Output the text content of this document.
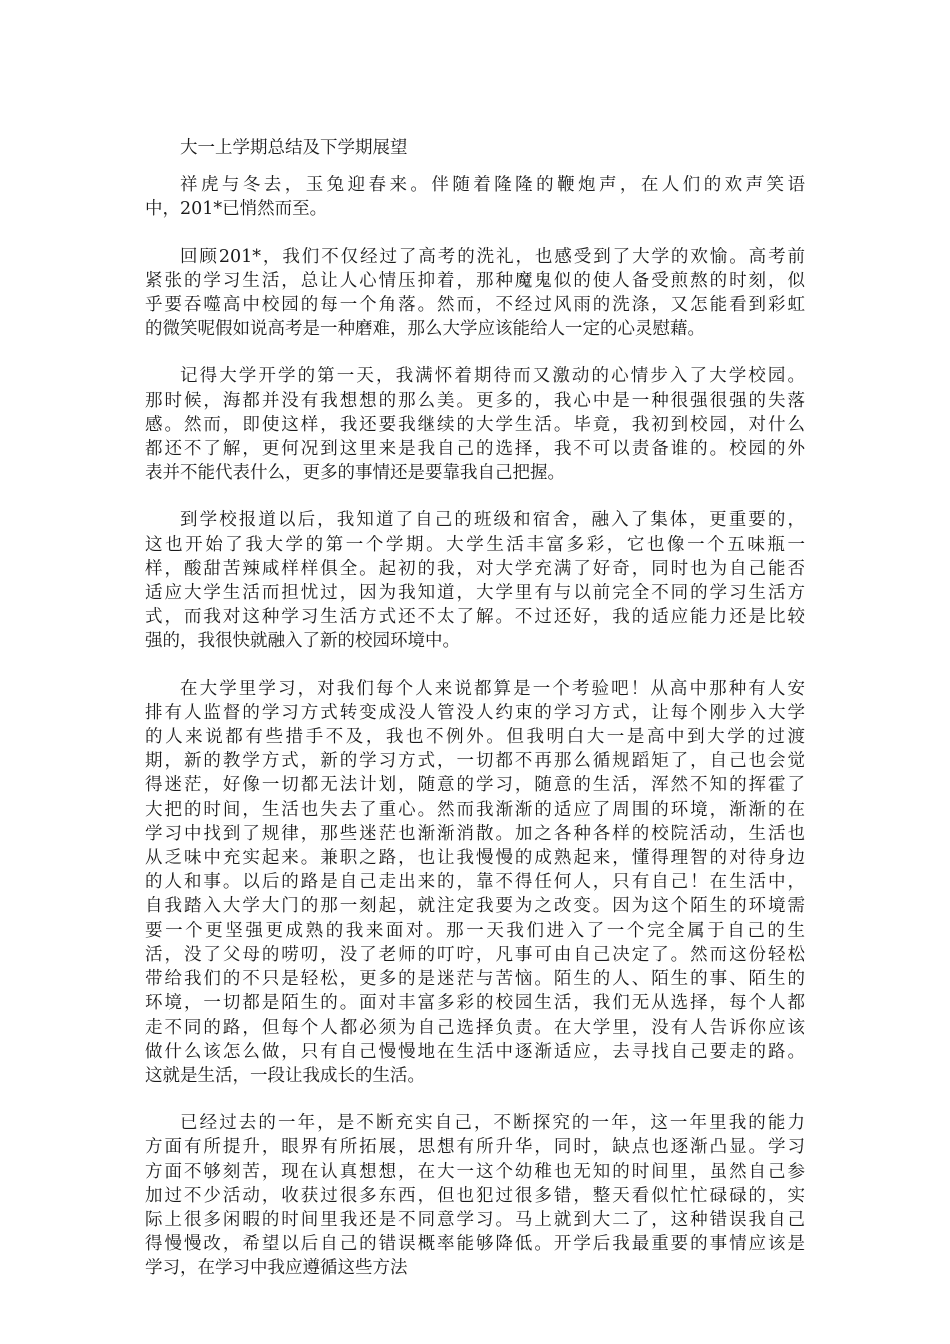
大一上学期总结及下学期展望
祥虎与冬去，玉兔迎春来。伴随着隆隆的鞭炮声，在人们的欢声笑语
中，201*已悄然而至。
回顾201*，我们不仅经过了高考的洗礼，也感受到了大学的欢愉。高考前
紧张的学习生活，总让人心情压抑着，那种魔鬼似的使人备受煎熬的时刻，似
乎要吞噬高中校园的每一个角落。然而，不经过风雨的洗涤，又怎能看到彩虹
的微笑呢假如说高考是一种磨难，那么大学应该能给人一定的心灵慰藉。
记得大学开学的第一天，我满怀着期待而又激动的心情步入了大学校园。
那时候，海都并没有我想想的那么美。更多的，我心中是一种很强很强的失落
感。然而，即使这样，我还要我继续的大学生活。毕竟，我初到校园，对什么
都还不了解，更何况到这里来是我自己的选择，我不可以责备谁的。校园的外
表并不能代表什么，更多的事情还是要靠我自己把握。
到学校报道以后，我知道了自己的班级和宿舍，融入了集体，更重要的，
这也开始了我大学的第一个学期。大学生活丰富多彩，它也像一个五味瓶一
样，酸甜苦辣咸样样俱全。起初的我，对大学充满了好奇，同时也为自己能否
适应大学生活而担忧过，因为我知道，大学里有与以前完全不同的学习生活方
式，而我对这种学习生活方式还不太了解。不过还好，我的适应能力还是比较
强的，我很快就融入了新的校园环境中。
在大学里学习，对我们每个人来说都算是一个考验吧！从高中那种有人安
排有人监督的学习方式转变成没人管没人约束的学习方式，让每个刚步入大学
的人来说都有些措手不及，我也不例外。但我明白大一是高中到大学的过渡
期，新的教学方式，新的学习方式，一切都不再那么循规蹈矩了，自己也会觉
得迷茫，好像一切都无法计划，随意的学习，随意的生活，浑然不知的挥霍了
大把的时间，生活也失去了重心。然而我渐渐的适应了周围的环境，渐渐的在
学习中找到了规律，那些迷茫也渐渐消散。加之各种各样的校院活动，生活也
从乏味中充实起来。兼职之路，也让我慢慢的成熟起来，懂得理智的对待身边
的人和事。以后的路是自己走出来的，靠不得任何人，只有自己！在生活中，
自我踏入大学大门的那一刻起，就注定我要为之改变。因为这个陌生的环境需
要一个更坚强更成熟的我来面对。那一天我们进入了一个完全属于自己的生
活，没了父母的唠叨，没了老师的叮咛，凡事可由自己决定了。然而这份轻松
带给我们的不只是轻松，更多的是迷茫与苦恼。陌生的人、陌生的事、陌生的
环境，一切都是陌生的。面对丰富多彩的校园生活，我们无从选择，每个人都
走不同的路，但每个人都必须为自己选择负责。在大学里，没有人告诉你应该
做什么该怎么做，只有自己慢慢地在生活中逐渐适应，去寻找自己要走的路。
这就是生活，一段让我成长的生活。
已经过去的一年，是不断充实自己，不断探究的一年，这一年里我的能力
方面有所提升，眼界有所拓展，思想有所升华，同时，缺点也逐渐凸显。学习
方面不够刻苦，现在认真想想，在大一这个幼稚也无知的时间里，虽然自己参
加过不少活动，收获过很多东西，但也犯过很多错，整天看似忙忙碌碌的，实
际上很多闲暇的时间里我还是不同意学习。马上就到大二了，这种错误我自己
得慢慢改，希望以后自己的错误概率能够降低。开学后我最重要的事情应该是
学习，在学习中我应遵循这些方法
